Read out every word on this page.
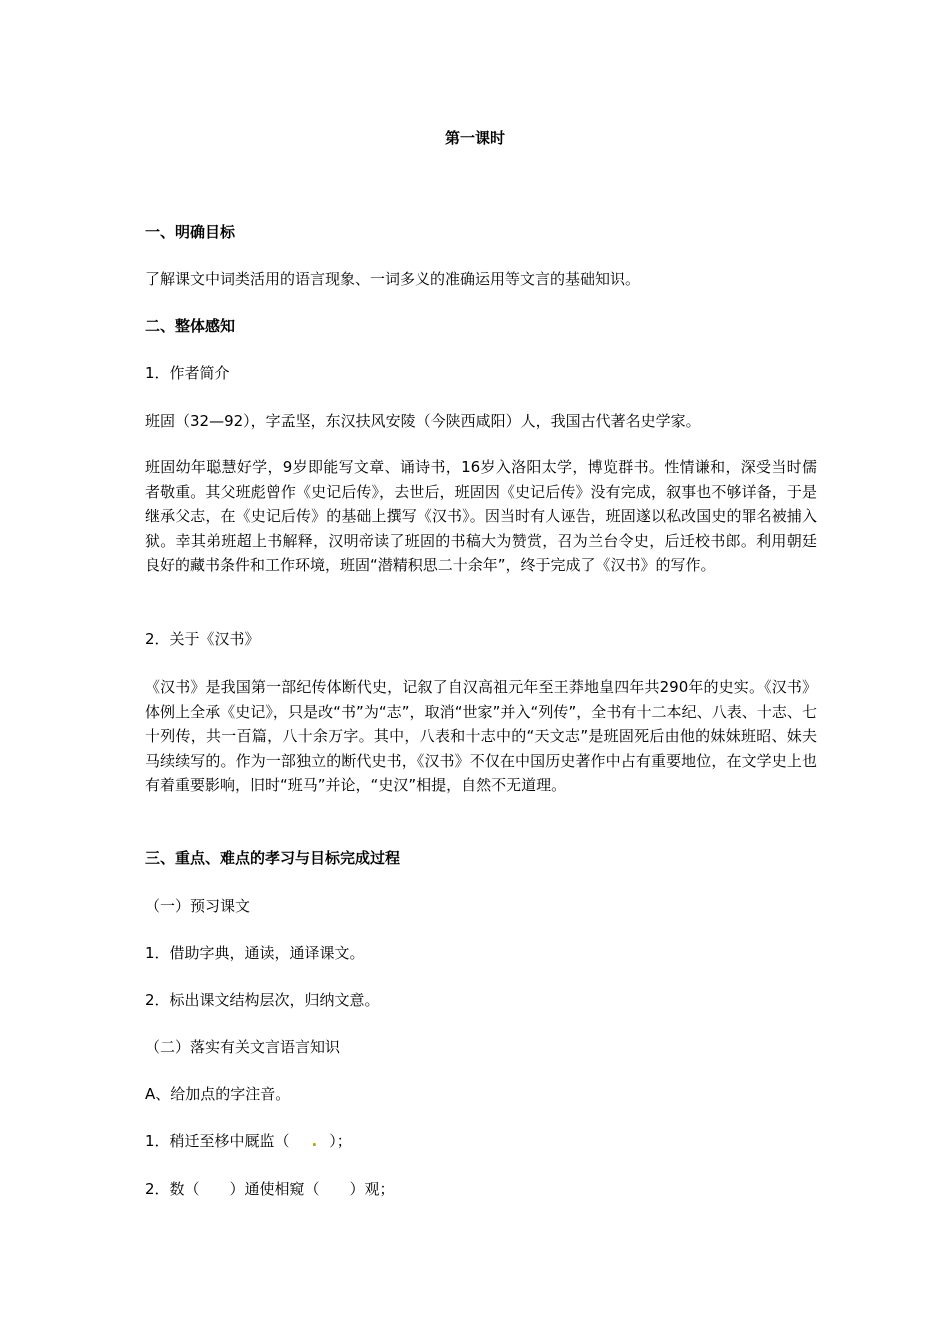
第一课时

一、明确目标

了解课文中词类活用的语言现象、一词多义的准确运用等文言的基础知识。

二、整体感知

1．作者简介

班固（32—92），字孟坚，东汉扶风安陵（今陕西咸阳）人，我国古代著名史学家。

班固幼年聪慧好学，9岁即能写文章、诵诗书，16岁入洛阳太学，博览群书。性情谦和，深受当时儒者敬重。其父班彪曾作《史记后传》，去世后，班固因《史记后传》没有完成，叙事也不够详备，于是继承父志，在《史记后传》的基础上撰写《汉书》。因当时有人诬告，班固遂以私改国史的罪名被捕入狱。幸其弟班超上书解释，汉明帝读了班固的书稿大为赞赏，召为兰台令史，后迁校书郎。利用朝廷良好的藏书条件和工作环境，班固“潜精积思二十余年”，终于完成了《汉书》的写作。

2．关于《汉书》

《汉书》是我国第一部纪传体断代史，记叙了自汉高祖元年至王莽地皇四年共290年的史实。《汉书》体例上全承《史记》，只是改“书”为“志”，取消“世家”并入“列传”，全书有十二本纪、八表、十志、七十列传，共一百篇，八十余万字。其中，八表和十志中的“天文志”是班固死后由他的妹妹班昭、妹夫马续续写的。作为一部独立的断代史书，《汉书》不仅在中国历史著作中占有重要地位，在文学史上也有着重要影响，旧时“班马”并论，“史汉”相提，自然不无道理。

三、重点、难点的孝习与目标完成过程

（一）预习课文

1．借助字典，通读，通译课文。

2．标出课文结构层次，归纳文意。

（二）落实有关文言语言知识

A、给加点的字注音。

1．稍迁至栘中厩监（ . ）；

2．数（　　）通使相窥（　　）观；
